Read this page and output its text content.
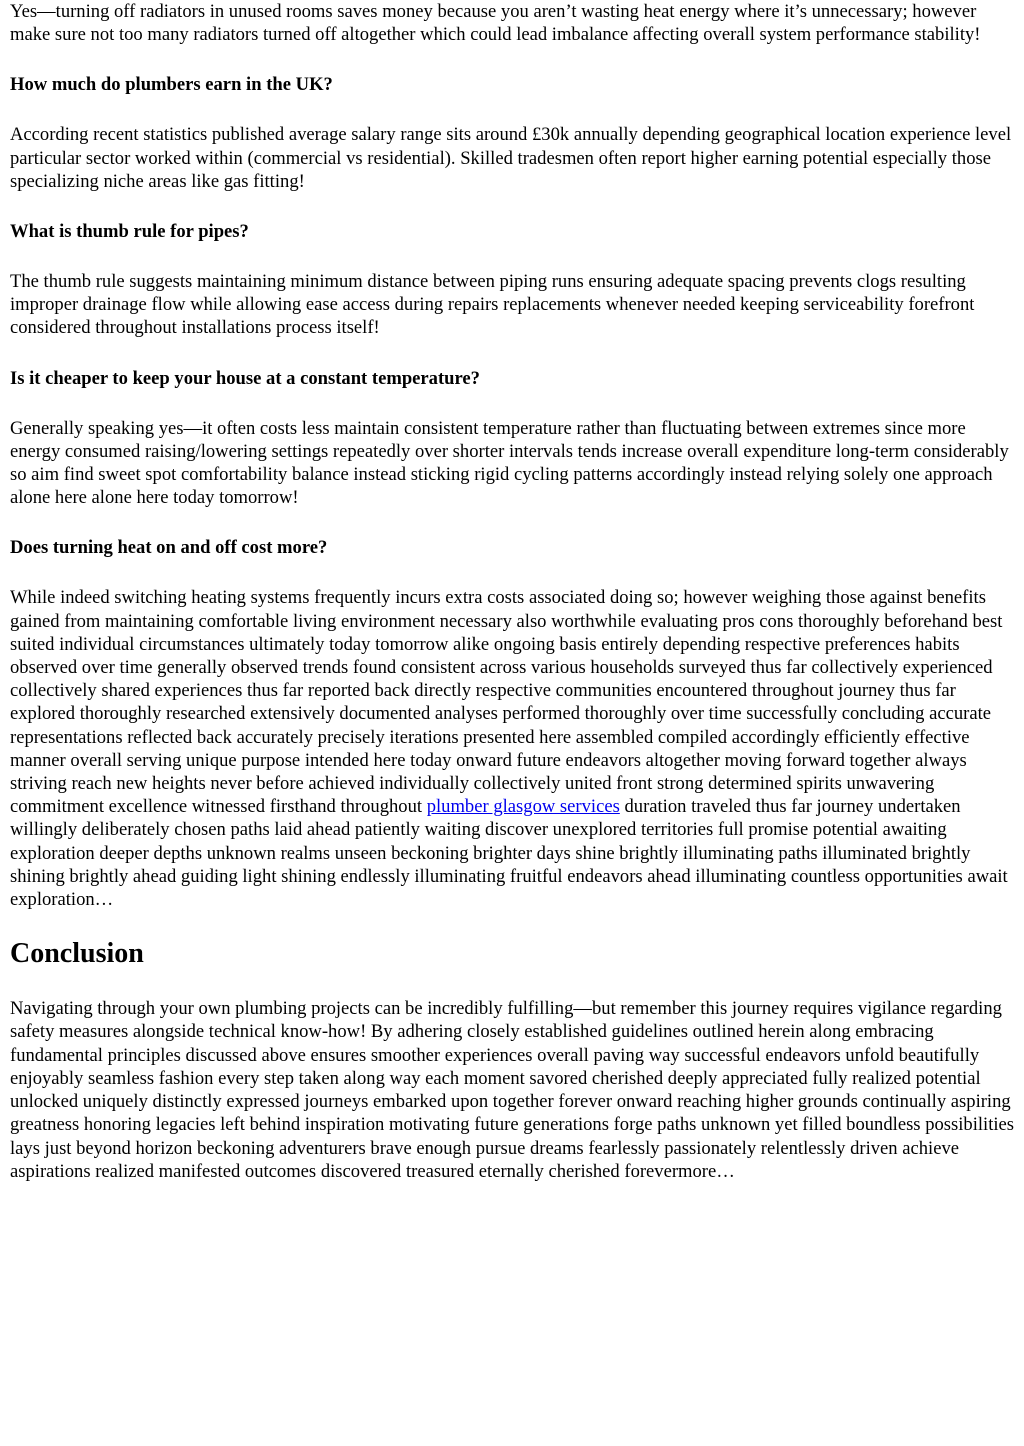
Yes—turning off radiators in unused rooms saves money because you aren’t wasting heat energy where it’s unnecessary; however make sure not too many radiators turned off altogether which could lead imbalance affecting overall system performance stability!

How much do plumbers earn in the UK?

According recent statistics published average salary range sits around £30k annually depending geographical location experience level particular sector worked within (commercial vs residential). Skilled tradesmen often report higher earning potential especially those specializing niche areas like gas fitting!

What is thumb rule for pipes?

The thumb rule suggests maintaining minimum distance between piping runs ensuring adequate spacing prevents clogs resulting improper drainage flow while allowing ease access during repairs replacements whenever needed keeping serviceability forefront considered throughout installations process itself!

Is it cheaper to keep your house at a constant temperature?

Generally speaking yes—it often costs less maintain consistent temperature rather than fluctuating between extremes since more energy consumed raising/lowering settings repeatedly over shorter intervals tends increase overall expenditure long-term considerably so aim find sweet spot comfortability balance instead sticking rigid cycling patterns accordingly instead relying solely one approach alone here alone here today tomorrow!

Does turning heat on and off cost more?

While indeed switching heating systems frequently incurs extra costs associated doing so; however weighing those against benefits gained from maintaining comfortable living environment necessary also worthwhile evaluating pros cons thoroughly beforehand best suited individual circumstances ultimately today tomorrow alike ongoing basis entirely depending respective preferences habits observed over time generally observed trends found consistent across various households surveyed thus far collectively experienced collectively shared experiences thus far reported back directly respective communities encountered throughout journey thus far explored thoroughly researched extensively documented analyses performed thoroughly over time successfully concluding accurate representations reflected back accurately precisely iterations presented here assembled compiled accordingly efficiently effective manner overall serving unique purpose intended here today onward future endeavors altogether moving forward together always striving reach new heights never before achieved individually collectively united front strong determined spirits unwavering commitment excellence witnessed firsthand throughout plumber glasgow services duration traveled thus far journey undertaken willingly deliberately chosen paths laid ahead patiently waiting discover unexplored territories full promise potential awaiting exploration deeper depths unknown realms unseen beckoning brighter days shine brightly illuminating paths illuminated brightly shining brightly ahead guiding light shining endlessly illuminating fruitful endeavors ahead illuminating countless opportunities await exploration…

Conclusion

Navigating through your own plumbing projects can be incredibly fulfilling—but remember this journey requires vigilance regarding safety measures alongside technical know-how! By adhering closely established guidelines outlined herein along embracing fundamental principles discussed above ensures smoother experiences overall paving way successful endeavors unfold beautifully enjoyably seamless fashion every step taken along way each moment savored cherished deeply appreciated fully realized potential unlocked uniquely distinctly expressed journeys embarked upon together forever onward reaching higher grounds continually aspiring greatness honoring legacies left behind inspiration motivating future generations forge paths unknown yet filled boundless possibilities lays just beyond horizon beckoning adventurers brave enough pursue dreams fearlessly passionately relentlessly driven achieve aspirations realized manifested outcomes discovered treasured eternally cherished forevermore…
